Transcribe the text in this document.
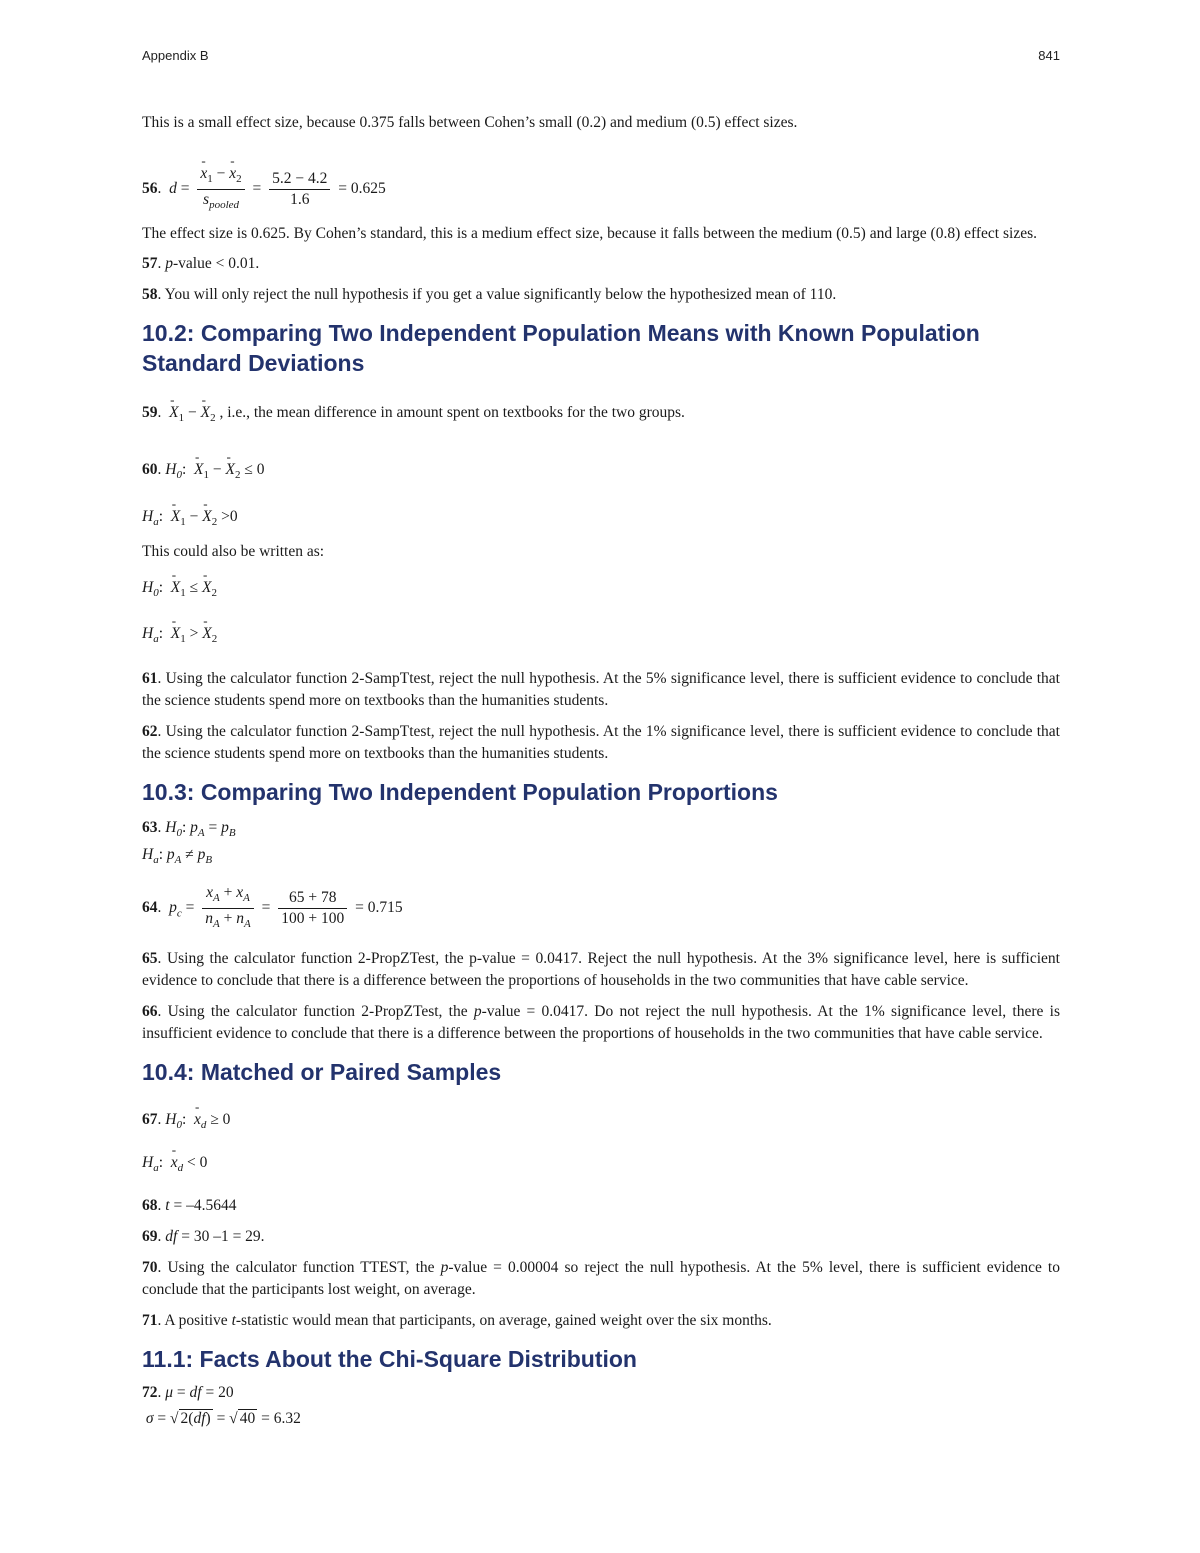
Appendix B	841

This is a small effect size, because 0.375 falls between Cohen’s small (0.2) and medium (0.5) effect sizes.

56.  d =
- $\frac{x_1 - - x_2}{s_{pooled}} = \frac{5.2 - 4.2}{1.6} = 0.625$

The effect size is 0.625. By Cohen’s standard, this is a medium effect size, because it falls between the medium (0.5) and large (0.8) effect sizes.

57. p-value < 0.01.

58. You will only reject the null hypothesis if you get a value significantly below the hypothesized mean of 110.

10.2: Comparing Two Independent Population Means with Known Population Standard Deviations

59.  - $X_1$ − - $X_2$ , i.e., the mean difference in amount spent on textbooks for the two groups.

60. $H_0$:  - $X_1$ − - $X_2 \le 0$

$H_a$:  - $X_1$ − - $X_2 >0$

This could also be written as:

$H_0$:  - $X_1$ ≤ - $X_2$

$H_a$:  - $X_1$ > - $X_2$

61. Using the calculator function 2-SampTtest, reject the null hypothesis. At the 5% significance level, there is sufficient evidence to conclude that the science students spend more on textbooks than the humanities students.

62. Using the calculator function 2-SampTtest, reject the null hypothesis. At the 1% significance level, there is sufficient evidence to conclude that the science students spend more on textbooks than the humanities students.

10.3: Comparing Two Independent Population Proportions

63. $H_0$: $p_A = p_B$

$H_a$: $p_A \ne p_B$

64.  $p_c = \frac{x_A + x_A}{n_A + n_A} = \frac{65 + 78}{100 + 100} = 0.715$

65. Using the calculator function 2-PropZTest, the p-value = 0.0417. Reject the null hypothesis. At the 3% significance level, here is sufficient evidence to conclude that there is a difference between the proportions of households in the two communities that have cable service.

66. Using the calculator function 2-PropZTest, the p-value = 0.0417. Do not reject the null hypothesis. At the 1% significance level, there is insufficient evidence to conclude that there is a difference between the proportions of households in the two communities that have cable service.

10.4: Matched or Paired Samples

67. $H_0$:  - $x_d \ge 0$

$H_a$:  - $x_d < 0$

68. t = –4.5644

69. df = 30 –1 = 29.

70. Using the calculator function TTEST, the p-value = 0.00004 so reject the null hypothesis. At the 5% level, there is sufficient evidence to conclude that the participants lost weight, on average.

71. A positive t-statistic would mean that participants, on average, gained weight over the six months.

11.1: Facts About the Chi-Square Distribution

72. μ = df = 20

σ = √ 2(df) = √ 40 = 6.32
